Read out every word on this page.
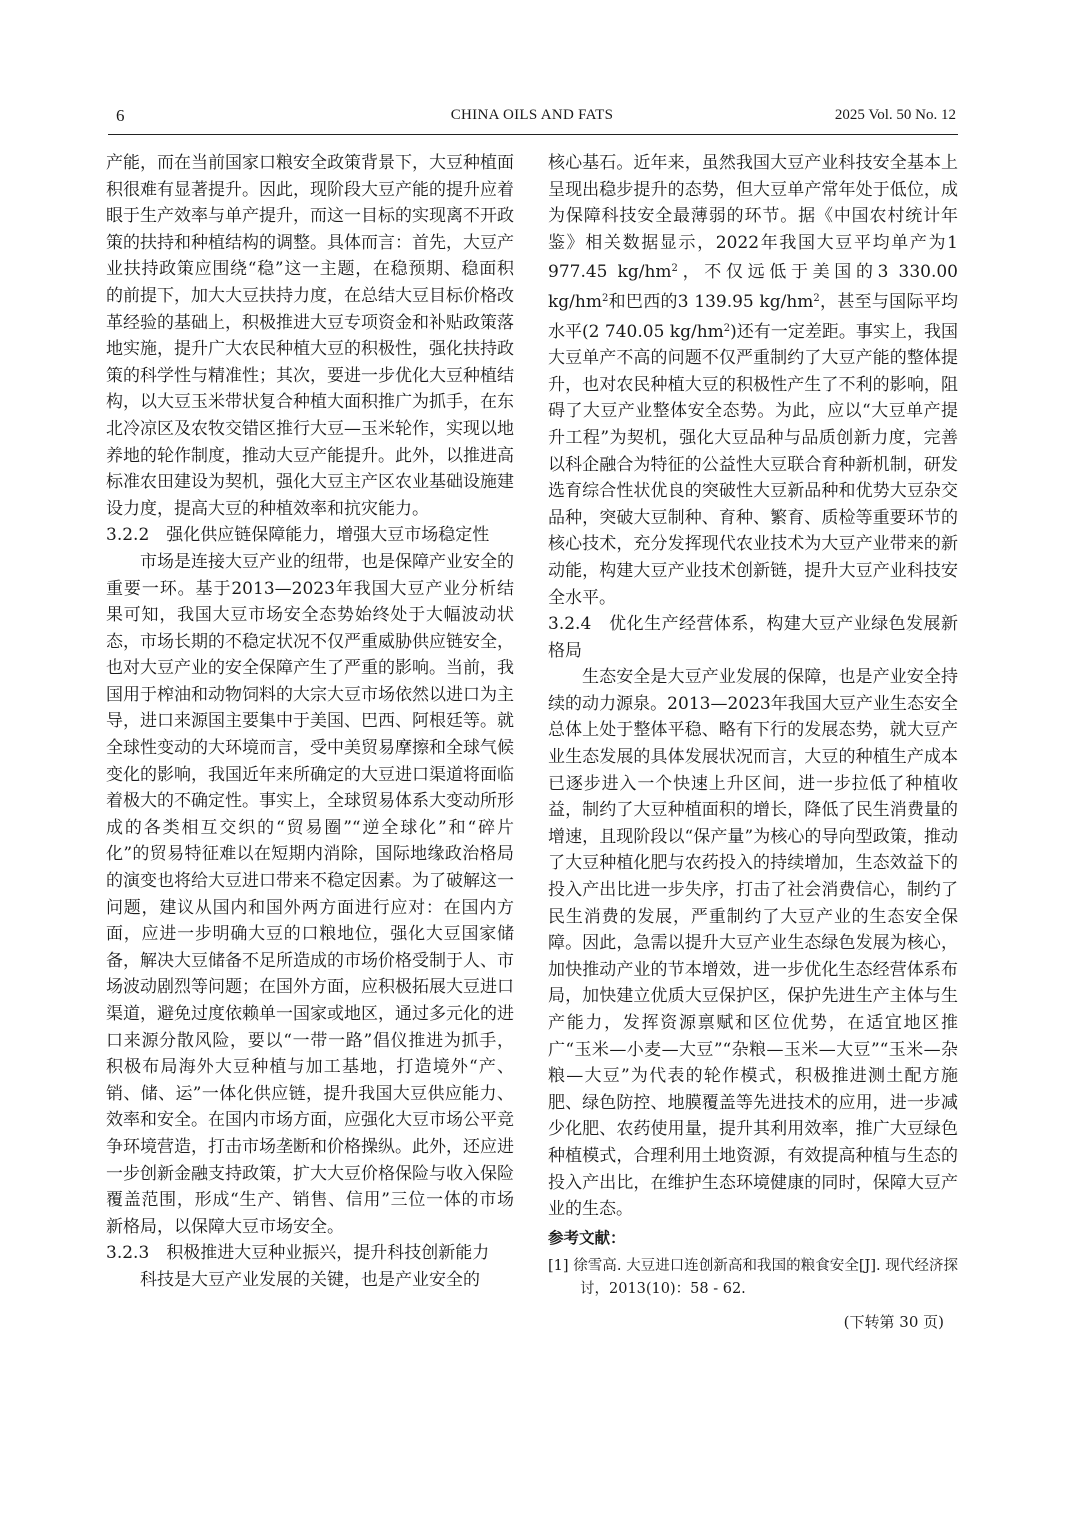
6	CHINA OILS AND FATS	2025 Vol. 50 No. 12

产能，而在当前国家口粮安全政策背景下，大豆种植面积很难有显著提升。因此，现阶段大豆产能的提升应着眼于生产效率与单产提升，而这一目标的实现离不开政策的扶持和种植结构的调整。具体而言：首先，大豆产业扶持政策应围绕“稳”这一主题，在稳预期、稳面积的前提下，加大大豆扶持力度，在总结大豆目标价格改革经验的基础上，积极推进大豆专项资金和补贴政策落地实施，提升广大农民种植大豆的积极性，强化扶持政策的科学性与精准性；其次，要进一步优化大豆种植结构，以大豆玉米带状复合种植大面积推广为抓手，在东北冷凉区及农牧交错区推行大豆—玉米轮作，实现以地养地的轮作制度，推动大豆产能提升。此外，以推进高标准农田建设为契机，强化大豆主产区农业基础设施建设力度，提高大豆的种植效率和抗灾能力。

3.2.2　强化供应链保障能力，增强大豆市场稳定性

市场是连接大豆产业的纽带，也是保障产业安全的重要一环。基于2013—2023年我国大豆产业分析结果可知，我国大豆市场安全态势始终处于大幅波动状态，市场长期的不稳定状况不仅严重威胁供应链安全，也对大豆产业的安全保障产生了严重的影响。当前，我国用于榨油和动物饲料的大宗大豆市场依然以进口为主导，进口来源国主要集中于美国、巴西、阿根廷等。就全球性变动的大环境而言，受中美贸易摩擦和全球气候变化的影响，我国近年来所确定的大豆进口渠道将面临着极大的不确定性。事实上，全球贸易体系大变动所形成的各类相互交织的“贸易圈”“逆全球化”和“碎片化”的贸易特征难以在短期内消除，国际地缘政治格局的演变也将给大豆进口带来不稳定因素。为了破解这一问题，建议从国内和国外两方面进行应对：在国内方面，应进一步明确大豆的口粮地位，强化大豆国家储备，解决大豆储备不足所造成的市场价格受制于人、市场波动剧烈等问题；在国外方面，应积极拓展大豆进口渠道，避免过度依赖单一国家或地区，通过多元化的进口来源分散风险，要以“一带一路”倡仪推进为抓手，积极布局海外大豆种植与加工基地，打造境外“产、销、储、运”一体化供应链，提升我国大豆供应能力、效率和安全。在国内市场方面，应强化大豆市场公平竞争环境营造，打击市场垄断和价格操纵。此外，还应进一步创新金融支持政策，扩大大豆价格保险与收入保险覆盖范围，形成“生产、销售、信用”三位一体的市场新格局，以保障大豆市场安全。

3.2.3　积极推进大豆种业振兴，提升科技创新能力

科技是大豆产业发展的关键，也是产业安全的

核心基石。近年来，虽然我国大豆产业科技安全基本上呈现出稳步提升的态势，但大豆单产常年处于低位，成为保障科技安全最薄弱的环节。据《中国农村统计年鉴》相关数据显示，2022年我国大豆平均单产为1 977.45 $kg/hm^2$，不仅远低于美国的3 330.00 $kg/hm^2$和巴西的3 139.95 $kg/hm^2$，甚至与国际平均水平(2 740.05 $kg/hm^2$)还有一定差距。事实上，我国大豆单产不高的问题不仅严重制约了大豆产能的整体提升，也对农民种植大豆的积极性产生了不利的影响，阻碍了大豆产业整体安全态势。为此，应以“大豆单产提升工程”为契机，强化大豆品种与品质创新力度，完善以科企融合为特征的公益性大豆联合育种新机制，研发选育综合性状优良的突破性大豆新品种和优势大豆杂交品种，突破大豆制种、育种、繁育、质检等重要环节的核心技术，充分发挥现代农业技术为大豆产业带来的新动能，构建大豆产业技术创新链，提升大豆产业科技安全水平。

3.2.4　优化生产经营体系，构建大豆产业绿色发展新格局

生态安全是大豆产业发展的保障，也是产业安全持续的动力源泉。2013—2023年我国大豆产业生态安全总体上处于整体平稳、略有下行的发展态势，就大豆产业生态发展的具体发展状况而言，大豆的种植生产成本已逐步进入一个快速上升区间，进一步拉低了种植收益，制约了大豆种植面积的增长，降低了民生消费量的增速，且现阶段以“保产量”为核心的导向型政策，推动了大豆种植化肥与农药投入的持续增加，生态效益下的投入产出比进一步失序，打击了社会消费信心，制约了民生消费的发展，严重制约了大豆产业的生态安全保障。因此，急需以提升大豆产业生态绿色发展为核心，加快推动产业的节本增效，进一步优化生态经营体系布局，加快建立优质大豆保护区，保护先进生产主体与生产能力，发挥资源禀赋和区位优势，在适宜地区推广“玉米—小麦—大豆”“杂粮—玉米—大豆”“玉米—杂粮—大豆”为代表的轮作模式，积极推进测土配方施肥、绿色防控、地膜覆盖等先进技术的应用，进一步减少化肥、农药使用量，提升其利用效率，推广大豆绿色种植模式，合理利用土地资源，有效提高种植与生态的投入产出比，在维护生态环境健康的同时，保障大豆产业的生态。

参考文献：

[1] 徐雪高. 大豆进口连创新高和我国的粮食安全[J]. 现代经济探讨，2013(10)：58 - 62.

(下转第 30 页)
